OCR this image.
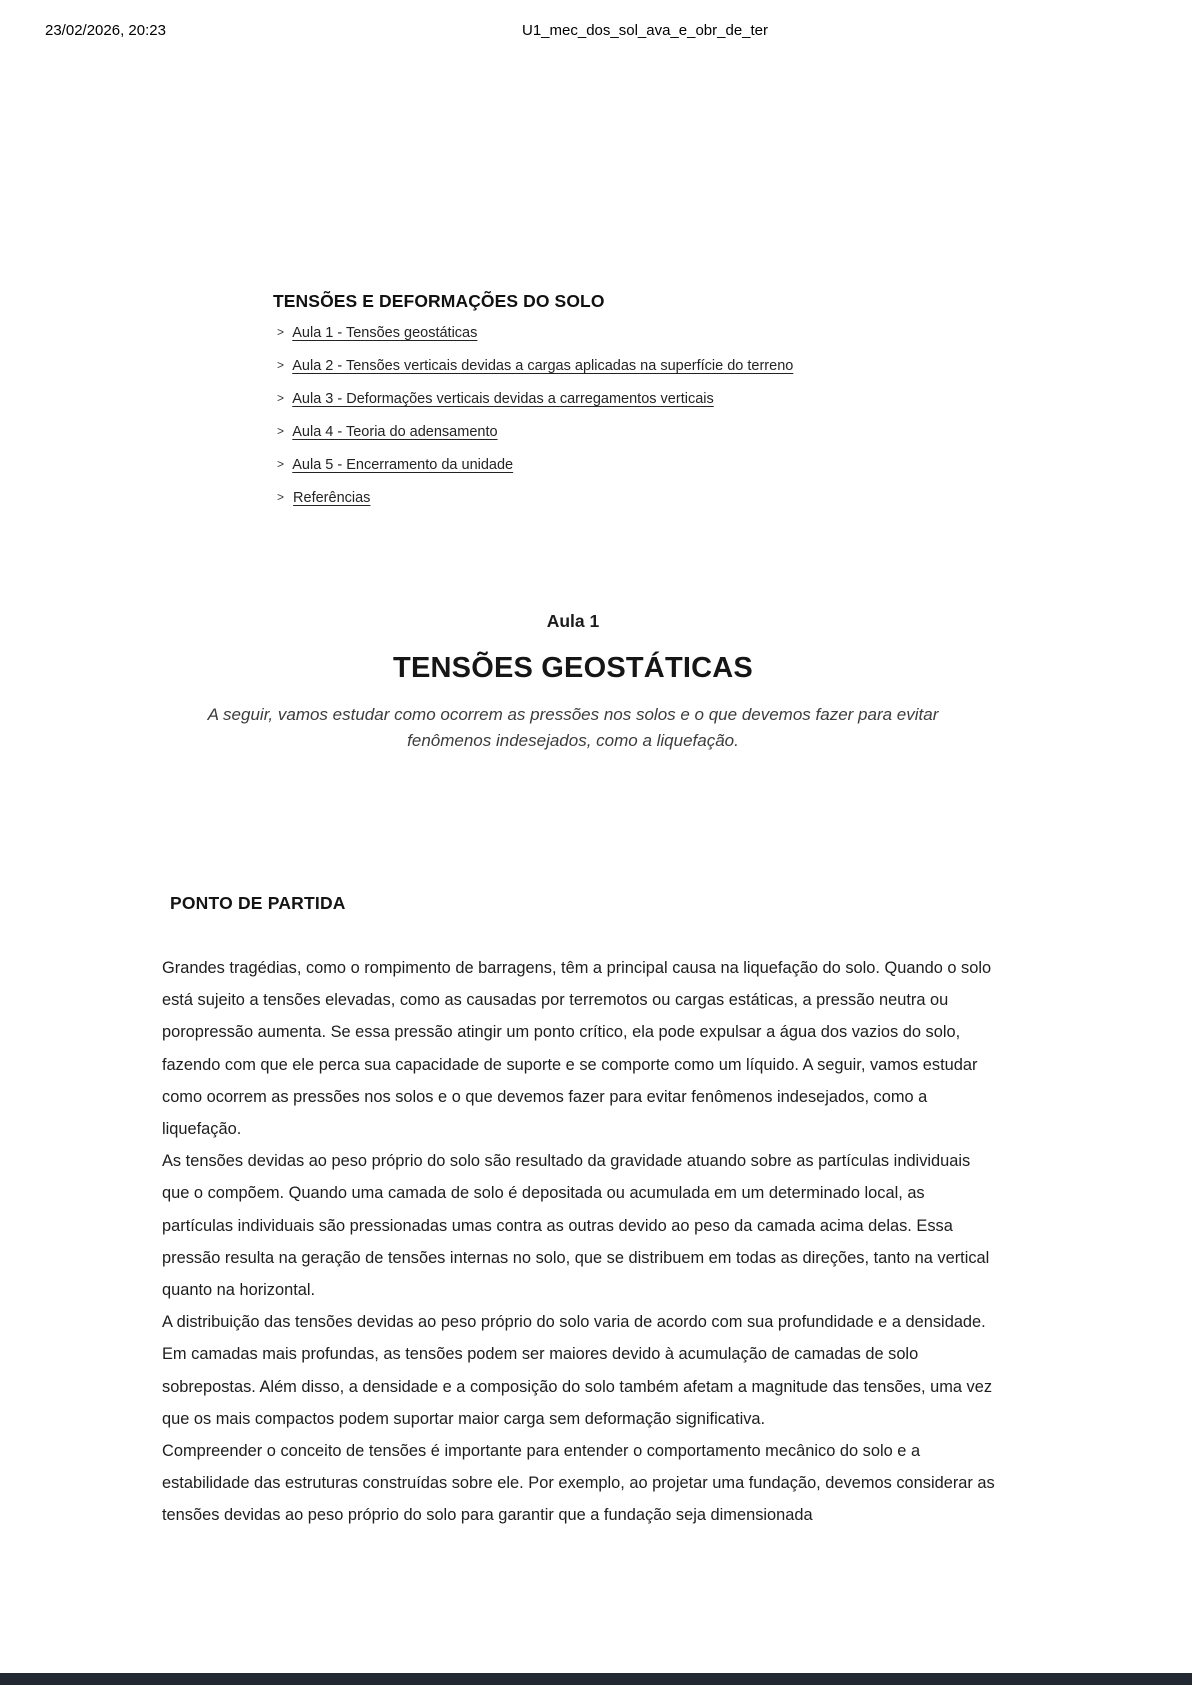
23/02/2026, 20:23	U1_mec_dos_sol_ava_e_obr_de_ter
TENSÕES E DEFORMAÇÕES DO SOLO
> Aula 1 - Tensões geostáticas
> Aula 2 - Tensões verticais devidas a cargas aplicadas na superfície do terreno
> Aula 3 - Deformações verticais devidas a carregamentos verticais
> Aula 4 - Teoria do adensamento
> Aula 5 - Encerramento da unidade
> Referências
Aula 1
TENSÕES GEOSTÁTICAS

A seguir, vamos estudar como ocorrem as pressões nos solos e o que devemos fazer para evitar fenômenos indesejados, como a liquefação.

PONTO DE PARTIDA

Grandes tragédias, como o rompimento de barragens, têm a principal causa na liquefação do solo. Quando o solo está sujeito a tensões elevadas, como as causadas por terremotos ou cargas estáticas, a pressão neutra ou poropressão aumenta. Se essa pressão atingir um ponto crítico, ela pode expulsar a água dos vazios do solo, fazendo com que ele perca sua capacidade de suporte e se comporte como um líquido. A seguir, vamos estudar como ocorrem as pressões nos solos e o que devemos fazer para evitar fenômenos indesejados, como a liquefação.

As tensões devidas ao peso próprio do solo são resultado da gravidade atuando sobre as partículas individuais que o compõem. Quando uma camada de solo é depositada ou acumulada em um determinado local, as partículas individuais são pressionadas umas contra as outras devido ao peso da camada acima delas. Essa pressão resulta na geração de tensões internas no solo, que se distribuem em todas as direções, tanto na vertical quanto na horizontal.

A distribuição das tensões devidas ao peso próprio do solo varia de acordo com sua profundidade e a densidade. Em camadas mais profundas, as tensões podem ser maiores devido à acumulação de camadas de solo sobrepostas. Além disso, a densidade e a composição do solo também afetam a magnitude das tensões, uma vez que os mais compactos podem suportar maior carga sem deformação significativa.

Compreender o conceito de tensões é importante para entender o comportamento mecânico do solo e a estabilidade das estruturas construídas sobre ele. Por exemplo, ao projetar uma fundação, devemos considerar as tensões devidas ao peso próprio do solo para garantir que a fundação seja dimensionada
